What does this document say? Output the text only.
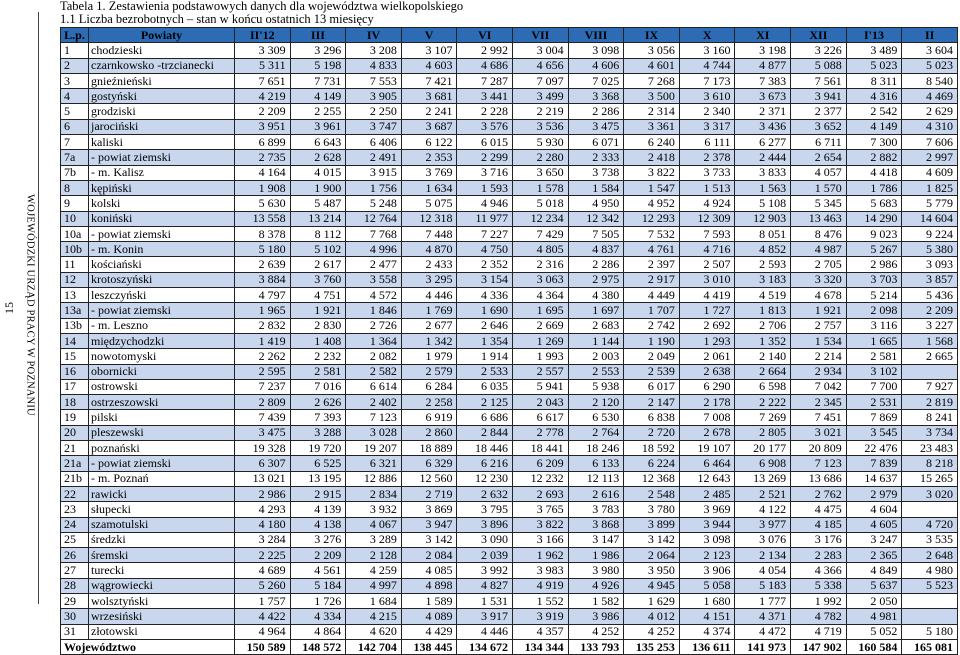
WOJEWÓDZKI URZĄD PRACY W POZNANIU
15
Tabela 1. Zestawienia podstawowych danych dla województwa wielkopolskiego
1.1 Liczba bezrobotnych – stan w końcu ostatnich 13 miesięcy
L.p.	Powiaty	II'12	III	IV	V	VI	VII	VIII	IX	X	XI	XII	I'13	II
1	chodzieski	3 309	3 296	3 208	3 107	2 992	3 004	3 098	3 056	3 160	3 198	3 226	3 489	3 604
2	czarnkowsko -trzcianecki	5 311	5 198	4 833	4 603	4 686	4 656	4 606	4 601	4 744	4 877	5 088	5 023	5 023
3	gnieźnieński	7 651	7 731	7 553	7 421	7 287	7 097	7 025	7 268	7 173	7 383	7 561	8 311	8 540
4	gostyński	4 219	4 149	3 905	3 681	3 441	3 499	3 368	3 500	3 610	3 673	3 941	4 316	4 469
5	grodziski	2 209	2 255	2 250	2 241	2 228	2 219	2 286	2 314	2 340	2 371	2 377	2 542	2 629
6	jarociński	3 951	3 961	3 747	3 687	3 576	3 536	3 475	3 361	3 317	3 436	3 652	4 149	4 310
7	kaliski	6 899	6 643	6 406	6 122	6 015	5 930	6 071	6 240	6 111	6 277	6 711	7 300	7 606
7a	- powiat ziemski	2 735	2 628	2 491	2 353	2 299	2 280	2 333	2 418	2 378	2 444	2 654	2 882	2 997
7b	- m. Kalisz	4 164	4 015	3 915	3 769	3 716	3 650	3 738	3 822	3 733	3 833	4 057	4 418	4 609
8	kępiński	1 908	1 900	1 756	1 634	1 593	1 578	1 584	1 547	1 513	1 563	1 570	1 786	1 825
9	kolski	5 630	5 487	5 248	5 075	4 946	5 018	4 950	4 952	4 924	5 108	5 345	5 683	5 779
10	koniński	13 558	13 214	12 764	12 318	11 977	12 234	12 342	12 293	12 309	12 903	13 463	14 290	14 604
10a	- powiat ziemski	8 378	8 112	7 768	7 448	7 227	7 429	7 505	7 532	7 593	8 051	8 476	9 023	9 224
10b	- m. Konin	5 180	5 102	4 996	4 870	4 750	4 805	4 837	4 761	4 716	4 852	4 987	5 267	5 380
11	kościański	2 639	2 617	2 477	2 433	2 352	2 316	2 286	2 397	2 507	2 593	2 705	2 986	3 093
12	krotoszyński	3 884	3 760	3 558	3 295	3 154	3 063	2 975	2 917	3 010	3 183	3 320	3 703	3 857
13	leszczyński	4 797	4 751	4 572	4 446	4 336	4 364	4 380	4 449	4 419	4 519	4 678	5 214	5 436
13a	- powiat ziemski	1 965	1 921	1 846	1 769	1 690	1 695	1 697	1 707	1 727	1 813	1 921	2 098	2 209
13b	- m. Leszno	2 832	2 830	2 726	2 677	2 646	2 669	2 683	2 742	2 692	2 706	2 757	3 116	3 227
14	międzychodzki	1 419	1 408	1 364	1 342	1 354	1 269	1 144	1 190	1 293	1 352	1 534	1 665	1 568
15	nowotomyski	2 262	2 232	2 082	1 979	1 914	1 993	2 003	2 049	2 061	2 140	2 214	2 581	2 665
16	obornicki	2 595	2 581	2 582	2 579	2 533	2 557	2 553	2 539	2 638	2 664	2 934	3 102	
17	ostrowski	7 237	7 016	6 614	6 284	6 035	5 941	5 938	6 017	6 290	6 598	7 042	7 700	7 927
18	ostrzeszowski	2 809	2 626	2 402	2 258	2 125	2 043	2 120	2 147	2 178	2 222	2 345	2 531	2 819
19	pilski	7 439	7 393	7 123	6 919	6 686	6 617	6 530	6 838	7 008	7 269	7 451	7 869	8 241
20	pleszewski	3 475	3 288	3 028	2 860	2 844	2 778	2 764	2 720	2 678	2 805	3 021	3 545	3 734
21	poznański	19 328	19 720	19 207	18 889	18 446	18 441	18 246	18 592	19 107	20 177	20 809	22 476	23 483
21a	- powiat ziemski	6 307	6 525	6 321	6 329	6 216	6 209	6 133	6 224	6 464	6 908	7 123	7 839	8 218
21b	- m. Poznań	13 021	13 195	12 886	12 560	12 230	12 232	12 113	12 368	12 643	13 269	13 686	14 637	15 265
22	rawicki	2 986	2 915	2 834	2 719	2 632	2 693	2 616	2 548	2 485	2 521	2 762	2 979	3 020
23	słupecki	4 293	4 139	3 932	3 869	3 795	3 765	3 783	3 780	3 969	4 122	4 475	4 604	
24	szamotulski	4 180	4 138	4 067	3 947	3 896	3 822	3 868	3 899	3 944	3 977	4 185	4 605	4 720
25	średzki	3 284	3 276	3 289	3 142	3 090	3 166	3 147	3 142	3 098	3 076	3 176	3 247	3 535
26	śremski	2 225	2 209	2 128	2 084	2 039	1 962	1 986	2 064	2 123	2 134	2 283	2 365	2 648
27	turecki	4 689	4 561	4 259	4 085	3 992	3 983	3 980	3 950	3 906	4 054	4 366	4 849	4 980
28	wągrowiecki	5 260	5 184	4 997	4 898	4 827	4 919	4 926	4 945	5 058	5 183	5 338	5 637	5 523
29	wolsztyński	1 757	1 726	1 684	1 589	1 531	1 552	1 582	1 629	1 680	1 777	1 992	2 050	
30	wrzesiński	4 422	4 334	4 215	4 089	3 917	3 919	3 986	4 012	4 151	4 371	4 782	4 981	
31	złotowski	4 964	4 864	4 620	4 429	4 446	4 357	4 252	4 252	4 374	4 472	4 719	5 052	5 180
Województwo		150 589	148 572	142 704	138 445	134 672	134 344	133 793	135 253	136 611	141 973	147 902	160 584	165 081
